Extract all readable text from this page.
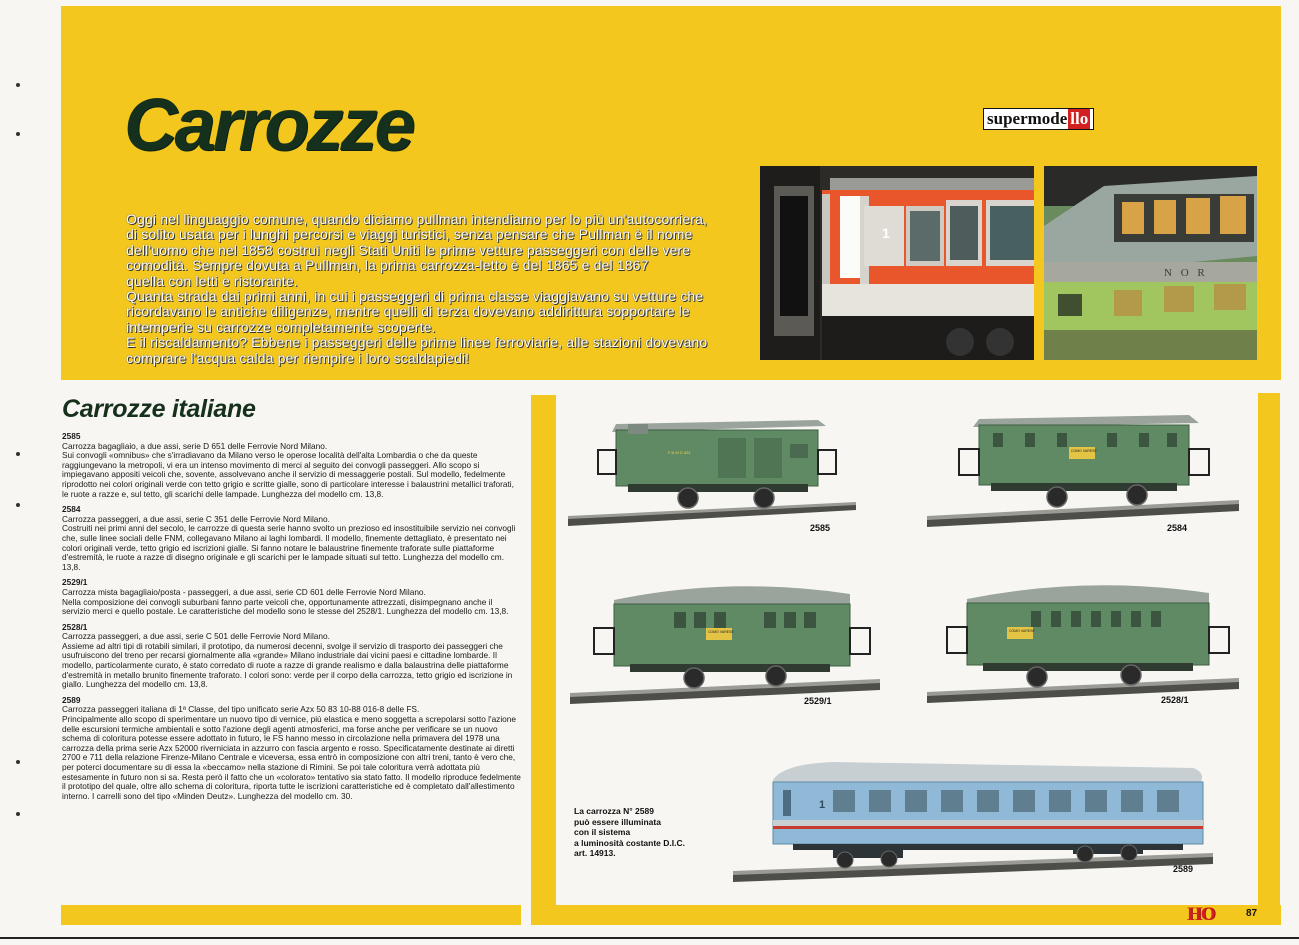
Carrozze	supermode llo
Oggi nel linguaggio comune, quando diciamo pullman intendiamo per lo più un'autocorriera,
di solito usata per i lunghi percorsi e viaggi turistici, senza pensare che Pullman è il nome
dell'uomo che nel 1858 costruì negli Stati Uniti le prime vetture passeggeri con delle vere
comodità. Sempre dovuta a Pullman, la prima carrozza-letto è del 1865 e del 1867
quella con letti e ristorante.
Quanta strada dai primi anni, in cui i passeggeri di prima classe viaggiavano su vetture che
ricordavano le antiche diligenze, mentre quelli di terza dovevano addirittura sopportare le
intemperie su carrozze completamente scoperte.
E il riscaldamento? Ebbene i passeggeri delle prime linee ferroviarie, alle stazioni dovevano
comprare l'acqua calda per riempire i loro scaldapiedi!
1
N O R
Carrozze italiane
2585
Carrozza bagagliaio, a due assi, serie D 651 delle Ferrovie Nord Milano.
Sui convogli «omnibus» che s'irradiavano da Milano verso le operose località dell'alta Lombardia o che da queste raggiungevano la metropoli, vi era un intenso movimento di merci al seguito dei convogli passeggeri. Allo scopo si impiegavano appositi veicoli che, sovente, assolvevano anche il servizio di messaggerie postali. Sul modello, fedelmente riprodotto nei colori originali verde con tetto grigio e scritte gialle, sono di particolare interesse i balaustrini metallici traforati, le ruote a razze e, sul tetto, gli scarichi delle lampade. Lunghezza del modello cm. 13,8.
2584
Carrozza passeggeri, a due assi, serie C 351 delle Ferrovie Nord Milano.
Costruiti nei primi anni del secolo, le carrozze di questa serie hanno svolto un prezioso ed insostituibile servizio nei convogli che, sulle linee sociali delle FNM, collegavano Milano ai laghi lombardi. Il modello, finemente dettagliato, è presentato nei colori originali verde, tetto grigio ed iscrizioni gialle. Si fanno notare le balaustrine finemente traforate sulle piattaforme d'estremità, le ruote a razze di disegno originale e gli scarichi per le lampade situati sul tetto. Lunghezza del modello cm. 13,8.
2529/1
Carrozza mista bagagliaio/posta - passeggeri, a due assi, serie CD 601 delle Ferrovie Nord Milano.
Nella composizione dei convogli suburbani fanno parte veicoli che, opportunamente attrezzati, disimpegnano anche il servizio merci e quello postale. Le caratteristiche del modello sono le stesse del 2528/1. Lunghezza del modello cm. 13,8.
2528/1
Carrozza passeggeri, a due assi, serie C 501 delle Ferrovie Nord Milano.
Assieme ad altri tipi di rotabili similari, il prototipo, da numerosi decenni, svolge il servizio di trasporto dei passeggeri che usufruiscono del treno per recarsi giornalmente alla «grande» Milano industriale dai vicini paesi e cittadine lombarde. Il modello, particolarmente curato, è stato corredato di ruote a razze di grande realismo e dalla balaustrina delle piattaforme d'estremità in metallo brunito finemente traforato. I colori sono: verde per il corpo della carrozza, tetto grigio ed iscrizione in giallo. Lunghezza del modello cm. 13,8.
2589
Carrozza passeggeri italiana di 1ª Classe, del tipo unificato serie Azx 50 83 10-88 016-8 delle FS.
Principalmente allo scopo di sperimentare un nuovo tipo di vernice, più elastica e meno soggetta a screpolarsi sotto l'azione delle escursioni termiche ambientali e sotto l'azione degli agenti atmosferici, ma forse anche per verificare se un nuovo schema di coloritura potesse essere adottato in futuro, le FS hanno messo in circolazione nella primavera del 1978 una carrozza della prima serie Azx 52000 riverniciata in azzurro con fascia argento e rosso. Specificatamente destinate ai diretti 2700 e 711 della relazione Firenze-Milano Centrale e viceversa, essa entrò in composizione con altri treni, tanto è vero che, per poterci documentare su di essa la «beccamo» nella stazione di Rimini. Se poi tale coloritura verrà adottata più estesamente in futuro non si sa. Resta però il fatto che un «colorato» tentativo sia stato fatto. Il modello riproduce fedelmente il prototipo del quale, oltre allo schema di coloritura, riporta tutte le iscrizioni caratteristiche ed è completato dall'allestimento interno. I carrelli sono del tipo «Minden Deutz». Lunghezza del modello cm. 30.
F N M D 651
2585
COMO VARESE
2584
COMO VARESE
2529/1
COMO VARESE
2528/1
1
2589
La carrozza N° 2589
può essere illuminata
con il sistema
a luminosità costante D.I.C.
art. 14913.
HO	87
